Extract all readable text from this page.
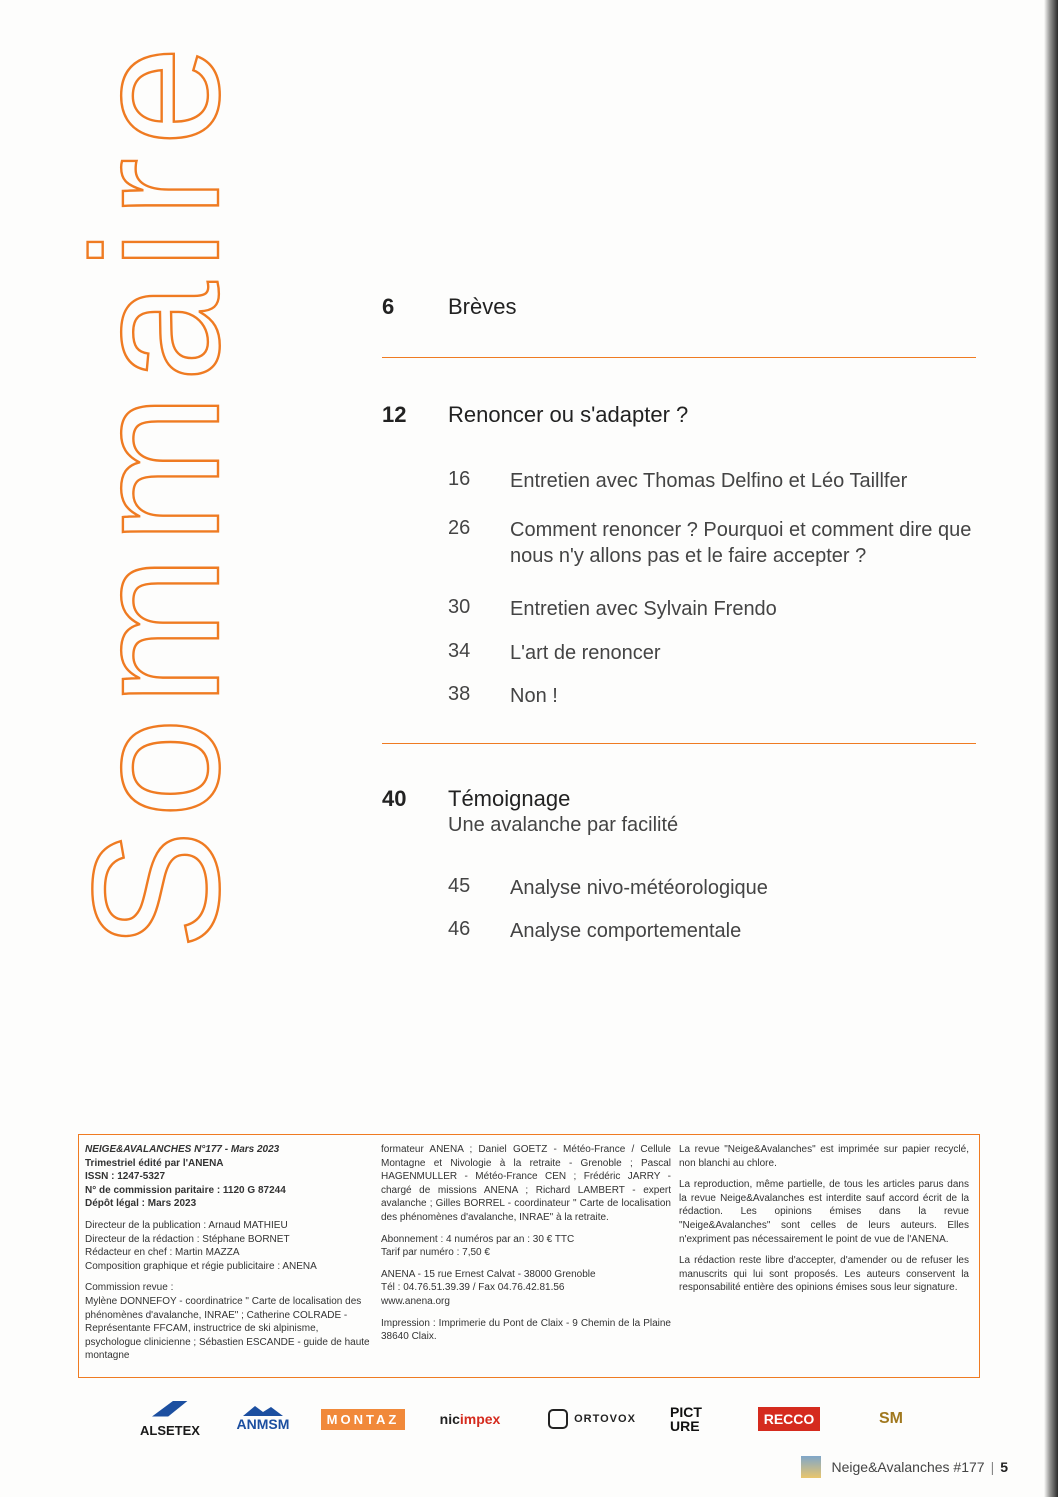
Sommaire	6 Brèves
12 Renoncer ou s'adapter ?
16 Entretien avec Thomas Delfino et Léo Taillfer
26 Comment renoncer ? Pourquoi et comment dire que nous n'y allons pas et le faire accepter ?
30 Entretien avec Sylvain Frendo
34 L'art de renoncer
38 Non !
40 Témoignage
Une avalanche par facilité
45 Analyse nivo-météorologique
46 Analyse comportementale

NEIGE&AVALANCHES N°177 - Mars 2023
Trimestriel édité par l'ANENA
ISSN : 1247-5327
N° de commission paritaire : 1120 G 87244
Dépôt légal : Mars 2023

Directeur de la publication : Arnaud MATHIEU
Directeur de la rédaction : Stéphane BORNET
Rédacteur en chef : Martin MAZZA
Composition graphique et régie publicitaire : ANENA

Commission revue :
Mylène DONNEFOY - coordinatrice " Carte de localisation des phénomènes d'avalanche, INRAE" ; Catherine COLRADE - Représentante FFCAM, instructrice de ski alpinisme, psychologue clinicienne ; Sébastien ESCANDE - guide de haute montagne

formateur ANENA ; Daniel GOETZ - Météo-France / Cellule Montagne et Nivologie à la retraite - Grenoble ; Pascal HAGENMULLER - Météo-France CEN ; Frédéric JARRY - chargé de missions ANENA ; Richard LAMBERT - expert avalanche ; Gilles BORREL - coordinateur " Carte de localisation des phénomènes d'avalanche, INRAE" à la retraite.

Abonnement : 4 numéros par an : 30 € TTC
Tarif par numéro : 7,50 €

ANENA - 15 rue Ernest Calvat - 38000 Grenoble
Tél : 04.76.51.39.39 / Fax 04.76.42.81.56
www.anena.org

Impression : Imprimerie du Pont de Claix - 9 Chemin de la Plaine 38640 Claix.

La revue "Neige&Avalanches" est imprimée sur papier recyclé, non blanchi au chlore.

La reproduction, même partielle, de tous les articles parus dans la revue Neige&Avalanches est interdite sauf accord écrit de la rédaction. Les opinions émises dans la revue "Neige&Avalanches" sont celles de leurs auteurs. Elles n'expriment pas nécessairement le point de vue de l'ANENA.

La rédaction reste libre d'accepter, d'amender ou de refuser les manuscrits qui lui sont proposés. Les auteurs conservent la responsabilité entière des opinions émises sous leur signature.

ALSETEX	ANMSM	MONTAZ	nic impex	ORTOVOX PICT URE	RECCO	SM
Neige&Avalanches #177 | 5
